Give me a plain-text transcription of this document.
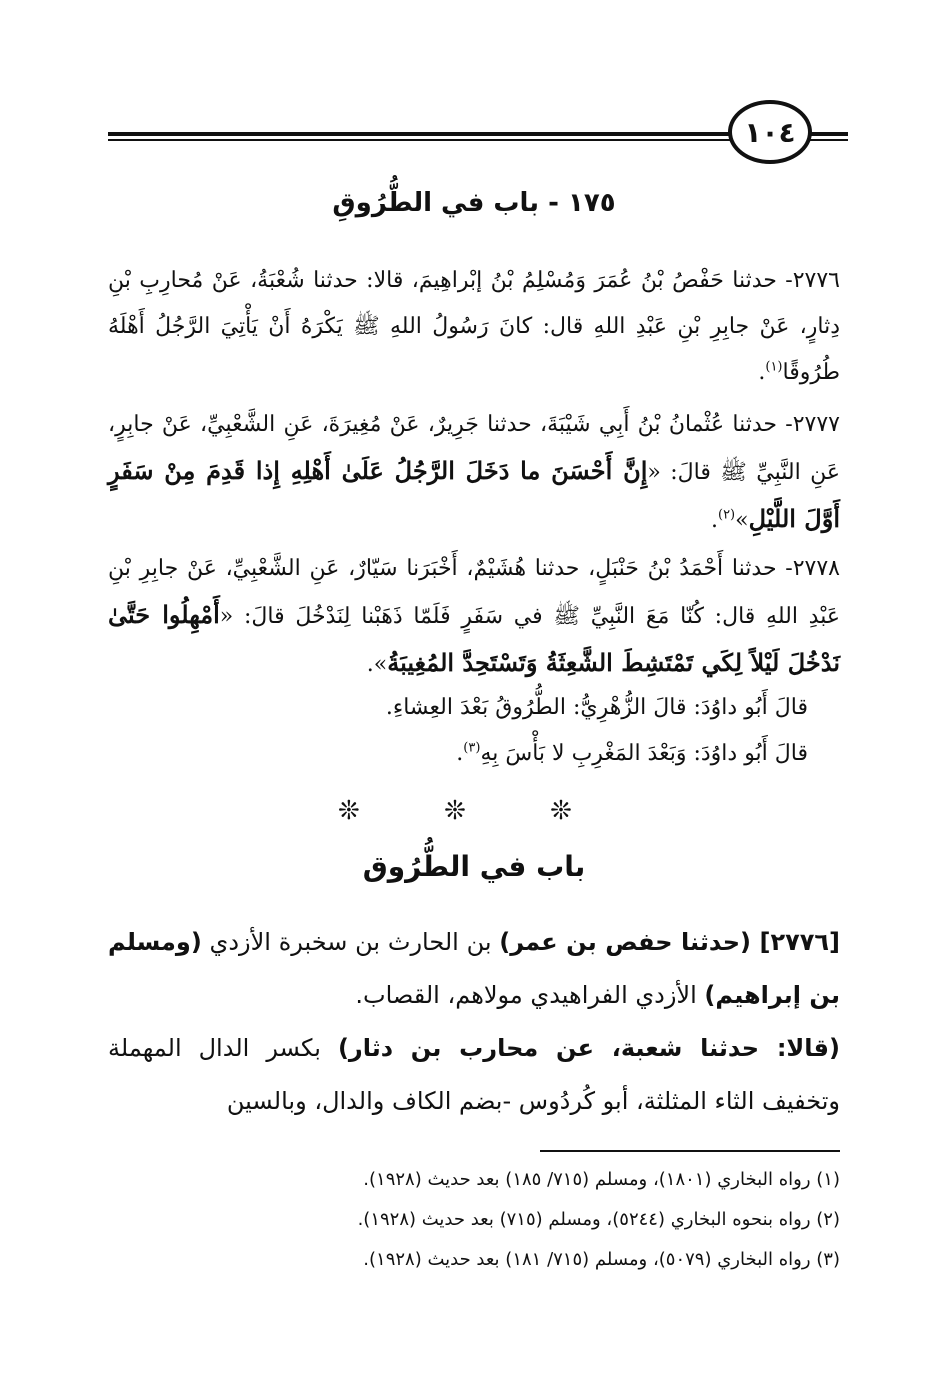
١٠٤
١٧٥ - باب في الطُّرُوقِ
٢٧٧٦- حدثنا حَفْصُ بْنُ عُمَرَ وَمُسْلِمُ بْنُ إبْراهِيمَ، قالا: حدثنا شُعْبَةُ، عَنْ مُحارِبِ بْنِ دِثارٍ، عَنْ جابِرِ بْنِ عَبْدِ اللهِ قال: كانَ رَسُولُ اللهِ ﷺ يَكْرَهُ أَنْ يَأْتِيَ الرَّجُلُ أَهْلَهُ طُرُوقًا$^{(١)}$.
٢٧٧٧- حدثنا عُثْمانُ بْنُ أَبِي شَيْبَةَ، حدثنا جَرِيرٌ، عَنْ مُغِيرَةَ، عَنِ الشَّعْبِيِّ، عَنْ جابِرٍ، عَنِ النَّبِيِّ ﷺ قالَ: «إِنَّ أَحْسَنَ ما دَخَلَ الرَّجُلُ عَلَىٰ أَهْلِهِ إِذا قَدِمَ مِنْ سَفَرٍ أَوَّلَ اللَّيْلِ»$^{(٢)}$.
٢٧٧٨- حدثنا أَحْمَدُ بْنُ حَنْبَلٍ، حدثنا هُشَيْمٌ، أَخْبَرَنا سَيّارٌ، عَنِ الشَّعْبِيِّ، عَنْ جابِرِ بْنِ عَبْدِ اللهِ قال: كُنّا مَعَ النَّبِيِّ ﷺ في سَفَرٍ فَلَمّا ذَهَبْنا لِنَدْخُلَ قالَ: «أَمْهِلُوا حَتَّىٰ نَدْخُلَ لَيْلاً لِكَي تَمْتَشِطَ الشَّعِثَةُ وَتَسْتَحِدَّ المُغِيبَةُ».
قالَ أَبُو داوُدَ: قالَ الزُّهْرِيُّ: الطُّرُوقُ بَعْدَ العِشاءِ.
قالَ أَبُو داوُدَ: وَبَعْدَ المَغْرِبِ لا بَأْسَ بِهِ$^{(٣)}$.
❊ ❊ ❊
باب في الطُّرُوق

[٢٧٧٦] (حدثنا حفص بن عمر) بن الحارث بن سخبرة الأزدي (ومسلم بن إبراهيم) الأزدي الفراهيدي مولاهم، القصاب.

(قالا: حدثنا شعبة، عن محارب بن دثار) بكسر الدال المهملة وتخفيف الثاء المثلثة، أبو كُردُوس -بضم الكاف والدال، وبالسين

(١) رواه البخاري (١٨٠١)، ومسلم (٧١٥/ ١٨٥) بعد حديث (١٩٢٨).
(٢) رواه بنحوه البخاري (٥٢٤٤)، ومسلم (٧١٥) بعد حديث (١٩٢٨).
(٣) رواه البخاري (٥٠٧٩)، ومسلم (٧١٥/ ١٨١) بعد حديث (١٩٢٨).
